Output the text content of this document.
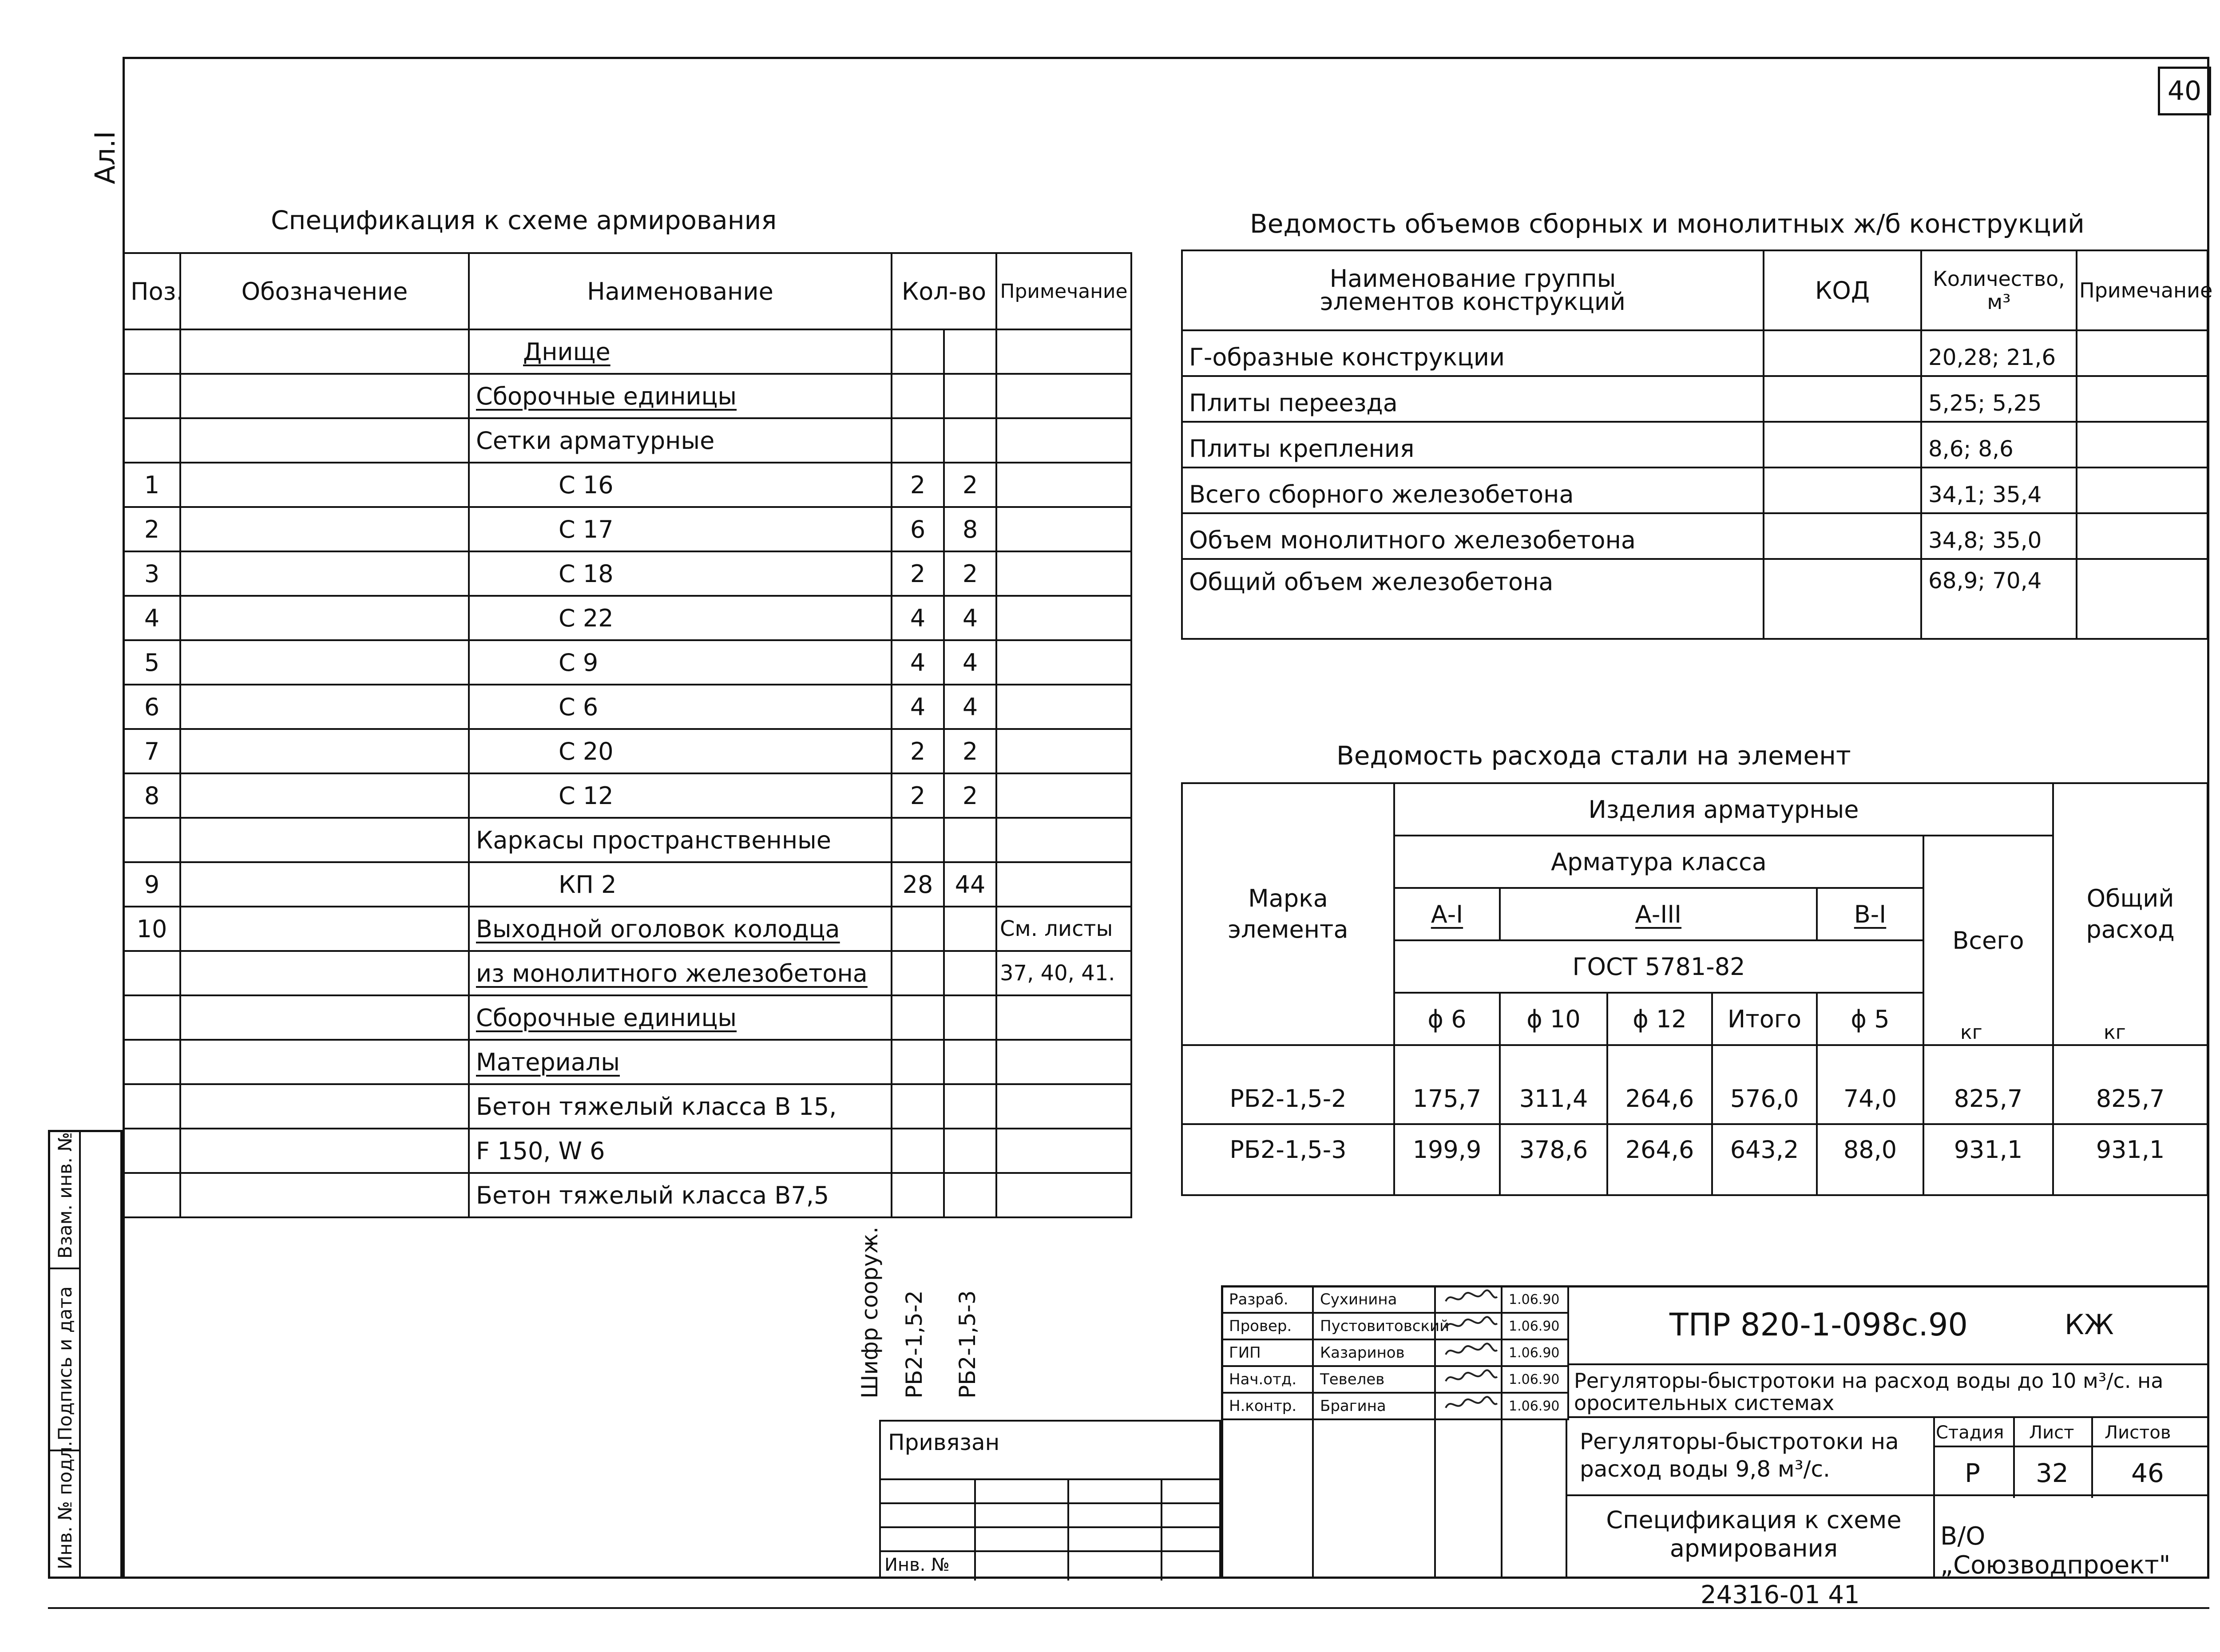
Взам. инв. №
Подпись и дата
Инв. № подл.
Ал.I
40
Спецификация к схеме армирования
Поз.	Обозначение	Наименование	Кол-во		Примечание
		Днище			
		Сборочные единицы			
		Сетки арматурные			
1		С 16	2	2	
2		С 17	6	8	
3		С 18	2	2	
4		С 22	4	4	
5		С 9	4	4	
6		С 6	4	4	
7		С 20	2	2	
8		С 12	2	2	
		Каркасы пространственные			
9		КП 2	28	44	
10		Выходной оголовок колодца			См. листы
		из монолитного железобетона			37, 40, 41.
		Сборочные единицы			
		Материалы			
		Бетон тяжелый класса В 15,			
		F 150, W 6			
		Бетон тяжелый класса В7,5			
Шифр сооруж. РБ2-1,5-2 РБ2-1,5-3
Привязан
Инв. №
Ведомость объемов сборных и монолитных ж/б конструкций
Наименование группы элементов конструкций	КОД	Количество, м³	Примечание
Г-образные конструкции		20,28; 21,6	
Плиты переезда		5,25; 5,25	
Плиты крепления		8,6; 8,6	
Всего сборного железобетона		34,1; 35,4	
Объем монолитного железобетона		34,8; 35,0	
Общий объем железобетона		68,9; 70,4	
Ведомость расхода стали на элемент
Марка элемента	Изделия арматурные						Общий расход

	Арматура класса					Всего	

	А-I	А-III			В-I		
	ГОСТ 5781-82						
	ϕ 6	ϕ 10	ϕ 12	Итого	ϕ 5		
РБ2-1,5-2	175,7	311,4	264,6	576,0	74,0	825,7	825,7
РБ2-1,5-3	199,9	378,6	264,6	643,2	88,0	931,1	931,1
кг	кг
Разраб.	Сухинина		1.06.90
Провер.	Пустовитовский		1.06.90
ГИП	Казаринов		1.06.90
Нач.отд.	Тевелев		1.06.90
Н.контр.	Брагина		1.06.90
ТПР 820-1-098с.90	КЖ
Регуляторы-быстротоки на расход воды до 10 м³/с. на оросительных системах
Регуляторы-быстротоки на расход воды 9,8 м³/с.
Стадия Лист Листов
Р 32 46
Спецификация к схеме армирования	В/О „Союзводпроект"
24316-01 41
